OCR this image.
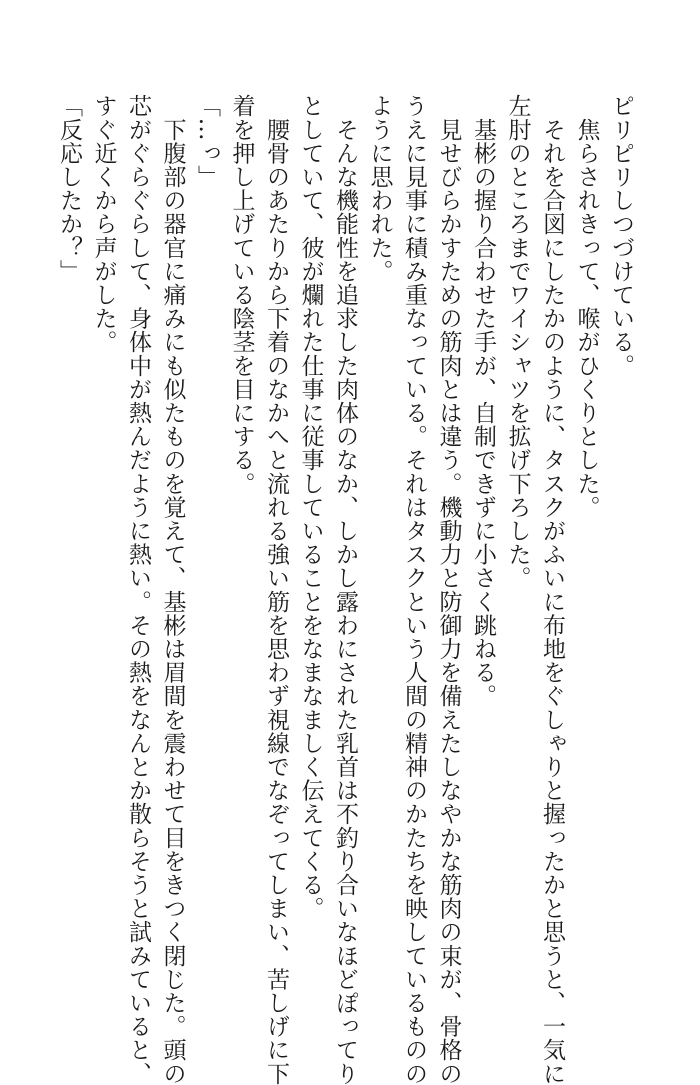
ピリピリしつづけている。

　焦らされきって、喉がひくりとした。

　それを合図にしたかのように、タスクがふいに布地をぐしゃりと握ったかと思うと、一気に

左肘のところまでワイシャツを拡げ下ろした。

　基彬の握り合わせた手が、自制できずに小さく跳ねる。

　見せびらかすための筋肉とは違う。機動力と防御力を備えたしなやかな筋肉の束が、骨格の

うえに見事に積み重なっている。それはタスクという人間の精神のかたちを映しているものの

ように思われた。

　そんな機能性を追求した肉体のなか、しかし露わにされた乳首は不釣り合いなほどぽってり

としていて、彼が爛れた仕事に従事していることをなまなましく伝えてくる。

　腰骨のあたりから下着のなかへと流れる強い筋を思わず視線でなぞってしまい、苦しげに下

着を押し上げている陰茎を目にする。

「…っ」

　下腹部の器官に痛みにも似たものを覚えて、基彬は眉間を震わせて目をきつく閉じた。頭の

芯がぐらぐらして、身体中が熱んだように熱い。その熱をなんとか散らそうと試みていると、

すぐ近くから声がした。

「反応したか？」
